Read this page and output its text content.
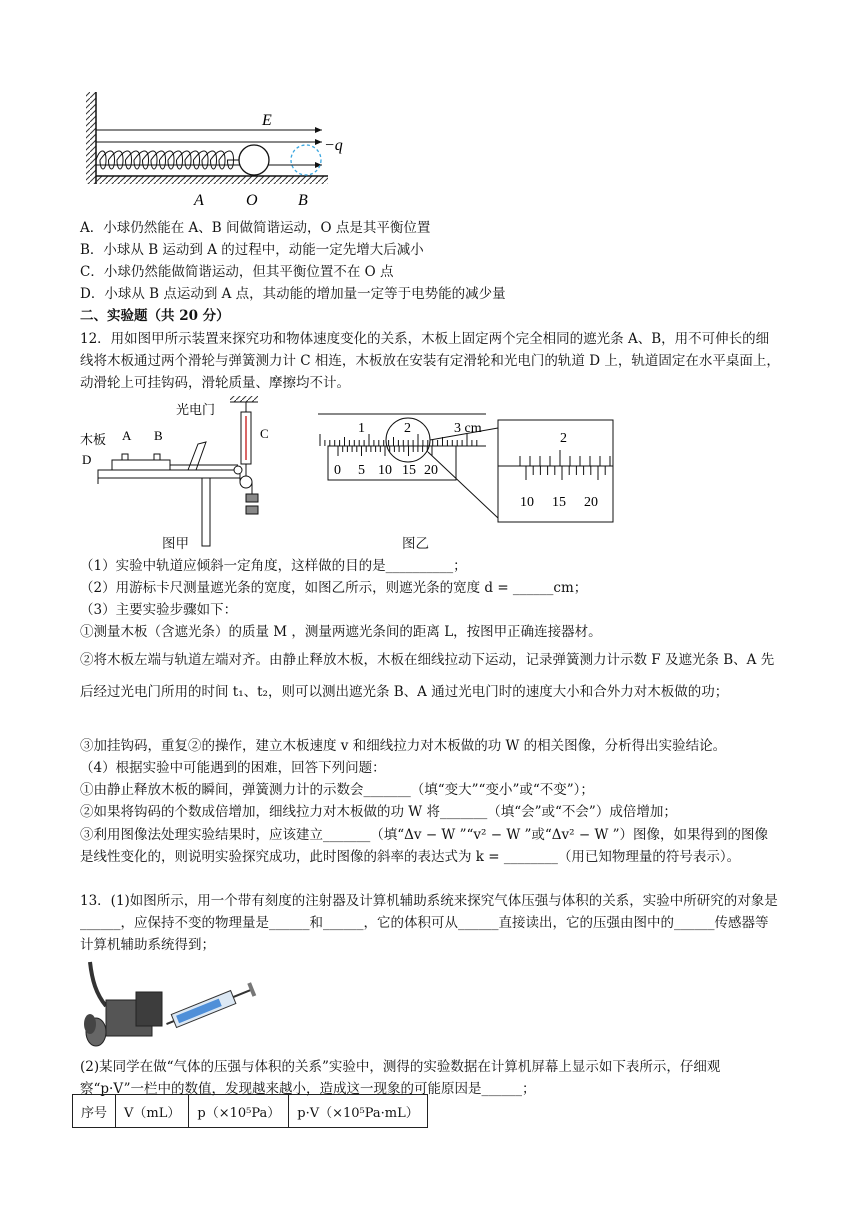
E
−q
A	O	B
A．小球仍然能在 A、B 间做简谐运动，O 点是其平衡位置
B．小球从 B 运动到 A 的过程中，动能一定先增大后减小
C．小球仍然能做简谐运动，但其平衡位置不在 O 点
D．小球从 B 点运动到 A 点，其动能的增加量一定等于电势能的减少量
二、实验题（共 20 分）
12．用如图甲所示装置来探究功和物体速度变化的关系，木板上固定两个完全相同的遮光条 A、B，用不可伸长的细线将木板通过两个滑轮与弹簧测力计 C 相连，木板放在安装有定滑轮和光电门的轨道 D 上，轨道固定在水平桌面上，动滑轮上可挂钩码，滑轮质量、摩擦均不计。
光电门
木板 A B	C
D
图甲
1	2	3 cm
0 5 10 15 20
2
10 15 20
图乙
（1）实验中轨道应倾斜一定角度，这样做的目的是__________；
（2）用游标卡尺测量遮光条的宽度，如图乙所示，则遮光条的宽度 d = ______cm；
（3）主要实验步骤如下：
①测量木板（含遮光条）的质量 M ，测量两遮光条间的距离 L，按图甲正确连接器材。
②将木板左端与轨道左端对齐。由静止释放木板，木板在细线拉动下运动，记录弹簧测力计示数 F 及遮光条 B、A 先后经过光电门所用的时间 t₁、t₂，则可以测出遮光条 B、A 通过光电门时的速度大小和合外力对木板做的功；
③加挂钩码，重复②的操作，建立木板速度 v 和细线拉力对木板做的功 W 的相关图像，分析得出实验结论。
（4）根据实验中可能遇到的困难，回答下列问题：
①由静止释放木板的瞬间，弹簧测力计的示数会_______（填“变大”“变小”或“不变”）；
②如果将钩码的个数成倍增加，细线拉力对木板做的功 W 将_______（填“会”或“不会”）成倍增加；
③利用图像法处理实验结果时，应该建立_______（填“Δv − W ”“v² − W ”或“Δv² − W ”）图像，如果得到的图像是线性变化的，则说明实验探究成功，此时图像的斜率的表达式为 k = ________（用已知物理量的符号表示）。
13．(1)如图所示，用一个带有刻度的注射器及计算机辅助系统来探究气体压强与体积的关系，实验中所研究的对象是______，应保持不变的物理量是______和______，它的体积可从______直接读出，它的压强由图中的______传感器等计算机辅助系统得到；
(2)某同学在做“气体的压强与体积的关系”实验中，测得的实验数据在计算机屏幕上显示如下表所示，仔细观察“p·V”一栏中的数值，发现越来越小，造成这一现象的可能原因是______；
序号	V（mL）	p（×10⁵Pa）	p·V（×10⁵Pa·mL）
